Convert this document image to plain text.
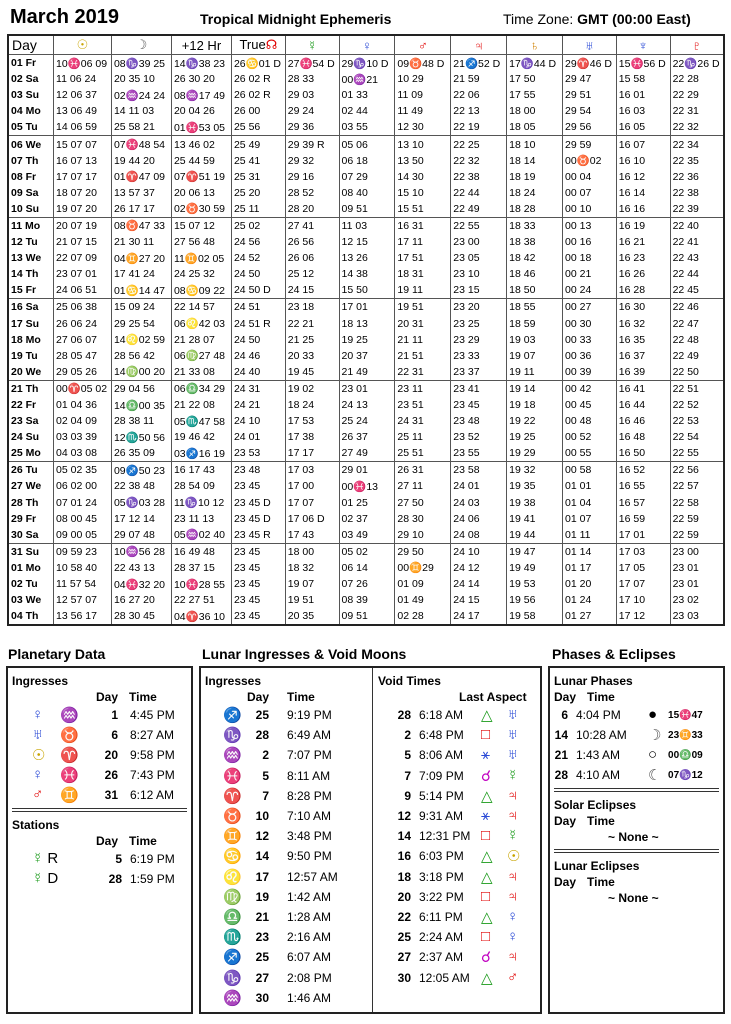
March 2019	Tropical Midnight Ephemeris	Time Zone: GMT (00:00 East)
Day	☉	☽	+12 Hr	True☊	☿	♀	♂	♃	♄	♅	♆	♇
01 Fr	10♓06 09	08♑39 25	14♑38 23	26♋01 D	27♓54 D	29♑10 D	09♉48 D	21♐52 D	17♑44 D	29♈46 D	15♓56 D	22♑26 D
02 Sa	11 06 24	20 35 10	26 30 20	26 02 R	28 33	00♒21	10 29	21 59	17 50	29 47	15 58	22 28
03 Su	12 06 37	02♒24 24	08♒17 49	26 02 R	29 03	01 33	11 09	22 06	17 55	29 51	16 01	22 29
04 Mo	13 06 49	14 11 03	20 04 26	26 00	29 24	02 44	11 49	22 13	18 00	29 54	16 03	22 31
05 Tu	14 06 59	25 58 21	01♓53 05	25 56	29 36	03 55	12 30	22 19	18 05	29 56	16 05	22 32
06 We	15 07 07	07♓48 54	13 46 02	25 49	29 39 R	05 06	13 10	22 25	18 10	29 59	16 07	22 34
07 Th	16 07 13	19 44 20	25 44 59	25 41	29 32	06 18	13 50	22 32	18 14	00♉02	16 10	22 35
08 Fr	17 07 17	01♈47 09	07♈51 19	25 31	29 16	07 29	14 30	22 38	18 19	00 04	16 12	22 36
09 Sa	18 07 20	13 57 37	20 06 13	25 20	28 52	08 40	15 10	22 44	18 24	00 07	16 14	22 38
10 Su	19 07 20	26 17 17	02♉30 59	25 11	28 20	09 51	15 51	22 49	18 28	00 10	16 16	22 39
11 Mo	20 07 19	08♉47 33	15 07 12	25 02	27 41	11 03	16 31	22 55	18 33	00 13	16 19	22 40
12 Tu	21 07 15	21 30 11	27 56 48	24 56	26 56	12 15	17 11	23 00	18 38	00 16	16 21	22 41
13 We	22 07 09	04♊27 20	11♊02 05	24 52	26 06	13 26	17 51	23 05	18 42	00 18	16 23	22 43
14 Th	23 07 01	17 41 24	24 25 32	24 50	25 12	14 38	18 31	23 10	18 46	00 21	16 26	22 44
15 Fr	24 06 51	01♋14 47	08♋09 22	24 50 D	24 15	15 50	19 11	23 15	18 50	00 24	16 28	22 45
16 Sa	25 06 38	15 09 24	22 14 57	24 51	23 18	17 01	19 51	23 20	18 55	00 27	16 30	22 46
17 Su	26 06 24	29 25 54	06♌42 03	24 51 R	22 21	18 13	20 31	23 25	18 59	00 30	16 32	22 47
18 Mo	27 06 07	14♌02 59	21 28 07	24 50	21 25	19 25	21 11	23 29	19 03	00 33	16 35	22 48
19 Tu	28 05 47	28 56 42	06♍27 48	24 46	20 33	20 37	21 51	23 33	19 07	00 36	16 37	22 49
20 We	29 05 26	14♍00 20	21 33 08	24 40	19 45	21 49	22 31	23 37	19 11	00 39	16 39	22 50
21 Th	00♈05 02	29 04 56	06♎34 29	24 31	19 02	23 01	23 11	23 41	19 14	00 42	16 41	22 51
22 Fr	01 04 36	14♎00 35	21 22 08	24 21	18 24	24 13	23 51	23 45	19 18	00 45	16 44	22 52
23 Sa	02 04 09	28 38 11	05♏47 58	24 10	17 53	25 24	24 31	23 48	19 22	00 48	16 46	22 53
24 Su	03 03 39	12♏50 56	19 46 42	24 01	17 38	26 37	25 11	23 52	19 25	00 52	16 48	22 54
25 Mo	04 03 08	26 35 09	03♐16 19	23 53	17 17	27 49	25 51	23 55	19 29	00 55	16 50	22 55
26 Tu	05 02 35	09♐50 23	16 17 43	23 48	17 03	29 01	26 31	23 58	19 32	00 58	16 52	22 56
27 We	06 02 00	22 38 48	28 54 09	23 45	17 00	00♓13	27 11	24 01	19 35	01 01	16 55	22 57
28 Th	07 01 24	05♑03 28	11♑10 12	23 45 D	17 07	01 25	27 50	24 03	19 38	01 04	16 57	22 58
29 Fr	08 00 45	17 12 14	23 11 13	23 45 D	17 06 D	02 37	28 30	24 06	19 41	01 07	16 59	22 59
30 Sa	09 00 05	29 07 48	05♒02 40	23 45 R	17 43	03 49	29 10	24 08	19 44	01 11	17 01	22 59
31 Su	09 59 23	10♒56 28	16 49 48	23 45	18 00	05 02	29 50	24 10	19 47	01 14	17 03	23 00
01 Mo	10 58 40	22 43 13	28 37 15	23 45	18 32	06 14	00♊29	24 12	19 49	01 17	17 05	23 01
02 Tu	11 57 54	04♓32 20	10♓28 55	23 45	19 07	07 26	01 09	24 14	19 53	01 20	17 07	23 01
03 We	12 57 07	16 27 20	22 27 51	23 45	19 51	08 39	01 49	24 15	19 56	01 24	17 10	23 02
04 Th	13 56 17	28 30 45	04♈36 10	23 45	20 35	09 51	02 28	24 17	19 58	01 27	17 12	23 03
Planetary Data
Ingresses
Day Time
♀ ♒	1 4:45 PM
♅ ♉	6 8:27 AM
☉ ♈	20 9:58 PM
♀ ♓	26 7:43 PM
♂ ♊	31 6:12 AM
Stations
Day Time
☿ R	5 6:19 PM
☿ D	28 1:59 PM
Lunar Ingresses & Void Moons
Ingresses
Day Time
♐	25 9:19 PM
♑	28 6:49 AM
♒	2 7:07 PM
♓	5 8:11 AM
♈	7 8:28 PM
♉	10 7:10 AM
♊	12 3:48 PM
♋	14 9:50 PM
♌	17 12:57 AM
♍	19 1:42 AM
♎	21 1:28 AM
♏	23 2:16 AM
♐	25 6:07 AM
♑	27 2:08 PM
♒	30 1:46 AM
Void Times
Last Aspect
28 6:18 AM △ ♅
2 6:48 PM □ ♅
5 8:06 AM ⚹ ♅
7 7:09 PM ☌ ☿
9 5:14 PM △ ♃
12 9:31 AM ⚹ ♃
14 12:31 PM □ ☿
16 6:03 PM △ ☉
18 3:18 PM △ ♃
20 3:22 PM □ ♃
22 6:11 PM △ ♀
25 2:24 AM □ ♀
27 2:37 AM ☌ ♃
30 12:05 AM △ ♂
Phases & Eclipses
Lunar Phases
Day Time
6 4:04 PM ● 15♓47
14 10:28 AM ☽ 23♊33
21 1:43 AM ○ 00♎09
28 4:10 AM ☾ 07♑12
Solar Eclipses
Day Time
~ None ~
Lunar Eclipses
Day Time
~ None ~
